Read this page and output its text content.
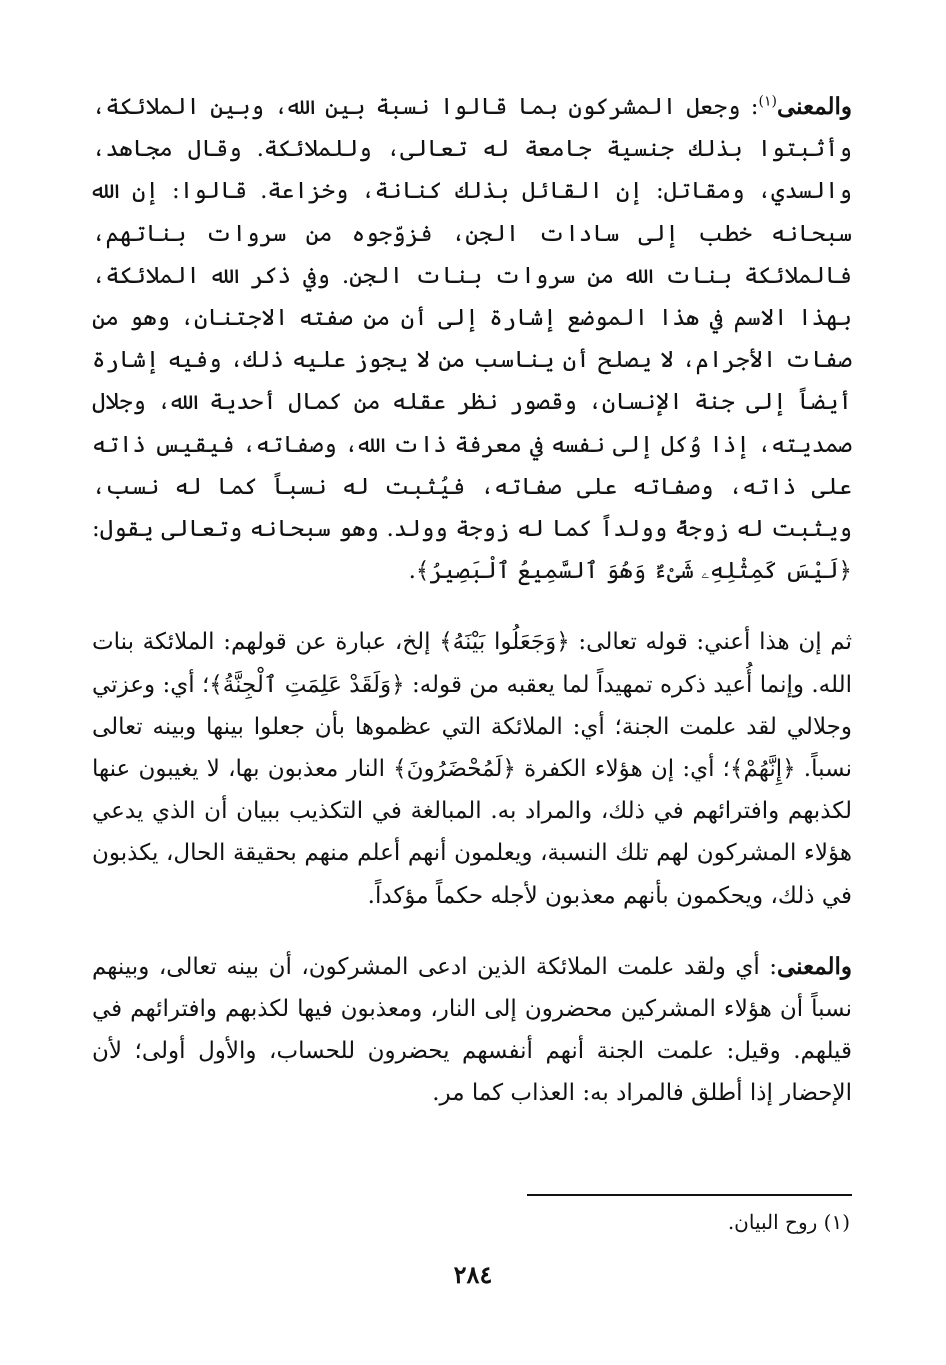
والمعنى$^{(١)}$: وجعل المشركون بما قالوا نسبة بين الله، وبين الملائكة، وأثبتوا بذلك جنسية جامعة له تعالى، وللملائكة. وقال مجاهد، والسدي، ومقاتل: إن القائل بذلك كنانة، وخزاعة. قالوا: إن الله سبحانه خطب إلى سادات الجن، فزوّجوه من سروات بناتهم، فالملائكة بنات الله من سروات بنات الجن. وفي ذكر الله الملائكة، بهذا الاسم في هذا الموضع إشارة إلى أن من صفته الاجتنان، وهو من صفات الأجرام، لا يصلح أن يناسب من لا يجوز عليه ذلك، وفيه إشارة أيضاً إلى جنة الإنسان، وقصور نظر عقله من كمال أحدية الله، وجلال صمديته، إذا وُكل إلى نفسه في معرفة ذات الله، وصفاته، فيقيس ذاته على ذاته، وصفاته على صفاته، فيُثبت له نسباً كما له نسب، ويثبت له زوجةً وولداً كما له زوجة وولد. وهو سبحانه وتعالى يقول: ﴿لَيْسَ كَمِثْلِهِۦ شَىْءٌ وَهُوَ ٱلسَّمِيعُ ٱلْبَصِيرُ﴾.

ثم إن هذا أعني: قوله تعالى: ﴿وَجَعَلُوا بَيْنَهُ﴾ إلخ، عبارة عن قولهم: الملائكة بنات الله. وإنما أُعيد ذكره تمهيداً لما يعقبه من قوله: ﴿وَلَقَدْ عَلِمَتِ ٱلْجِنَّةُ﴾؛ أي: وعزتي وجلالي لقد علمت الجنة؛ أي: الملائكة التي عظموها بأن جعلوا بينها وبينه تعالى نسباً. ﴿إِنَّهُمْ﴾؛ أي: إن هؤلاء الكفرة ﴿لَمُحْضَرُونَ﴾ النار معذبون بها، لا يغيبون عنها لكذبهم وافترائهم في ذلك، والمراد به. المبالغة في التكذيب ببيان أن الذي يدعي هؤلاء المشركون لهم تلك النسبة، ويعلمون أنهم أعلم منهم بحقيقة الحال، يكذبون في ذلك، ويحكمون بأنهم معذبون لأجله حكماً مؤكداً.

والمعنى: أي ولقد علمت الملائكة الذين ادعى المشركون، أن بينه تعالى، وبينهم نسباً أن هؤلاء المشركين محضرون إلى النار، ومعذبون فيها لكذبهم وافترائهم في قيلهم. وقيل: علمت الجنة أنهم أنفسهم يحضرون للحساب، والأول أولى؛ لأن الإحضار إذا أطلق فالمراد به: العذاب كما مر.

(١) روح البيان.
٢٨٤
